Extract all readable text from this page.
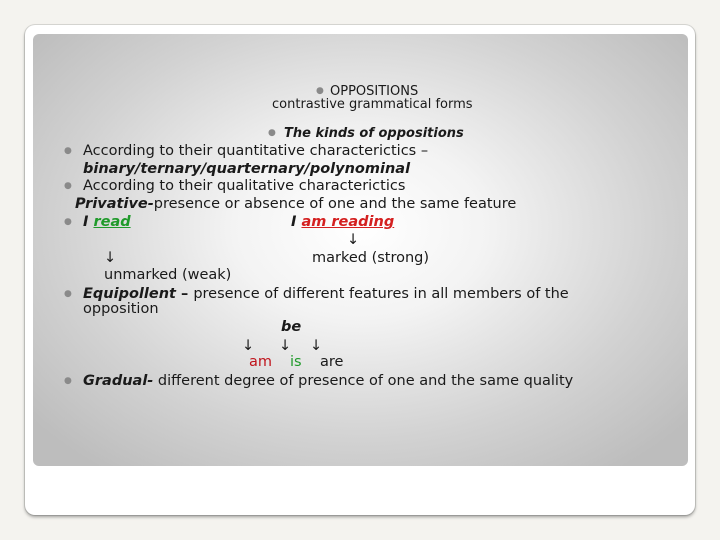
● OPPOSITIONS
contrastive grammatical forms
● The kinds of oppositions
● According to their quantitative characterictics –
binary/ternary/quarternary/polynominal
● According to their qualitative characterictics
Privative-presence or absence of one and the same feature
● I read	I am reading
↓
↓	marked (strong)
unmarked (weak)
● Equipollent – presence of different features in all members of the
opposition
be
↓ ↓ ↓
am is are
● Gradual- different degree of presence of one and the same quality
